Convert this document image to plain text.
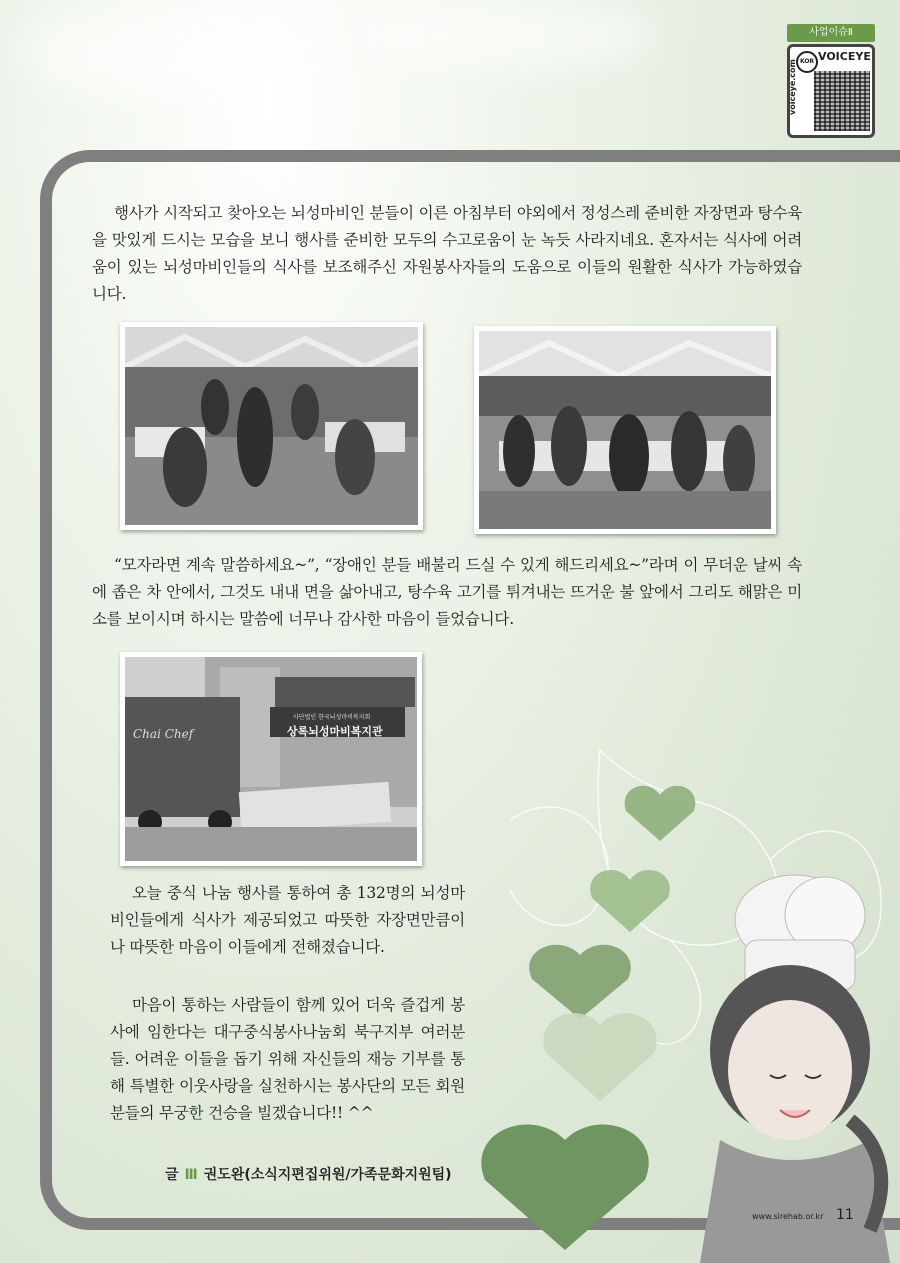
사업이슈Ⅱ
KOR VOICEYE
voiceye.com

행사가 시작되고 찾아오는 뇌성마비인 분들이 이른 아침부터 야외에서 정성스레 준비한 자장면과 탕수육을 맛있게 드시는 모습을 보니 행사를 준비한 모두의 수고로움이 눈 녹듯 사라지네요. 혼자서는 식사에 어려움이 있는 뇌성마비인들의 식사를 보조해주신 자원봉사자들의 도움으로 이들의 원활한 식사가 가능하였습니다.

“모자라면 계속 말씀하세요~”, “장애인 분들 배불리 드실 수 있게 해드리세요~”라며 이 무더운 날씨 속에 좁은 차 안에서, 그것도 내내 면을 삶아내고, 탕수육 고기를 튀겨내는 뜨거운 불 앞에서 그리도 해맑은 미소를 보이시며 하시는 말씀에 너무나 감사한 마음이 들었습니다.

Chai Chef
사단법인 한국뇌성마비복지회
상록뇌성마비복지관

오늘 중식 나눔 행사를 통하여 총 132명의 뇌성마비인들에게 식사가 제공되었고 따뜻한 자장면만큼이나 따뜻한 마음이 이들에게 전해졌습니다.

마음이 통하는 사람들이 함께 있어 더욱 즐겁게 봉사에 임한다는 대구중식봉사나눔회 북구지부 여러분들. 어려운 이들을 돕기 위해 자신들의 재능 기부를 통해 특별한 이웃사랑을 실천하시는 봉사단의 모든 회원분들의 무궁한 건승을 빌겠습니다!! ^^

글 Ⅲ 권도완(소식지편집위원/가족문화지원팀)
www.sirehab.or.kr 11
